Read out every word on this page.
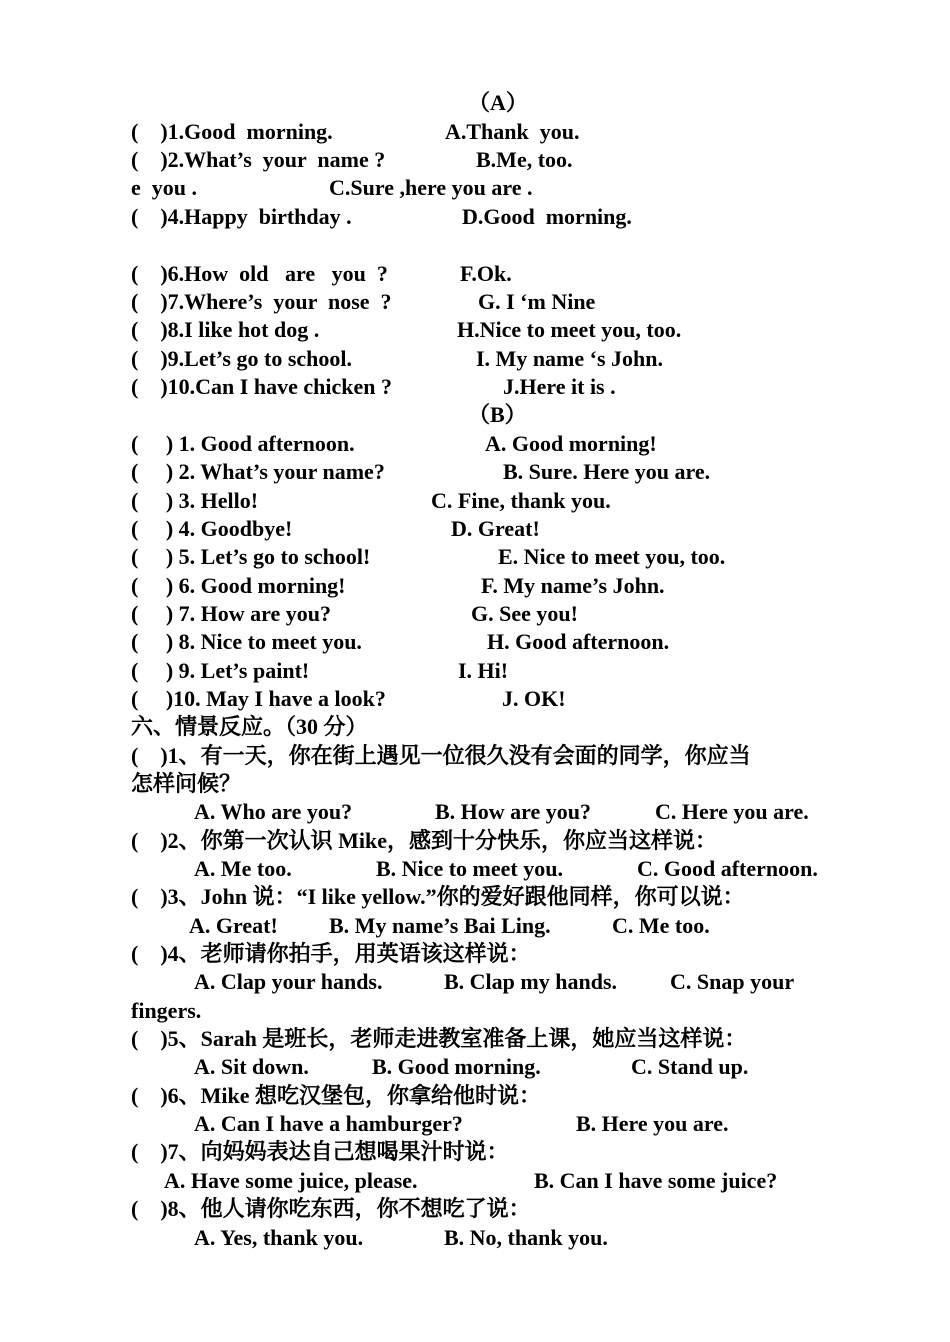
（A）

(    )1.Good  morning.

	A.Thank  you.

(    )2.What’s  your  name ?

	B.Me, too.

e  you .

	C.Sure ,here you are .

(    )4.Happy  birthday .

	D.Good  morning.

(    )6.How  old   are   you  ?

	F.Ok.

(    )7.Where’s  your  nose  ?

	G. I ‘m Nine

(    )8.I like hot dog .

	H.Nice to meet you, too.

(    )9.Let’s go to school.

	I. My name ‘s John.

(    )10.Can I have chicken ?

	J.Here it is .

（B）

(     ) 1. Good afternoon.

	A. Good morning!

(     ) 2. What’s your name?

	B. Sure. Here you are.

(     ) 3. Hello!

	C. Fine, thank you.

(     ) 4. Goodbye!

	D. Great!

(     ) 5. Let’s go to school!

	E. Nice to meet you, too.

(     ) 6. Good morning!

	F. My name’s John.

(     ) 7. How are you?

	G. See you!

(     ) 8. Nice to meet you.

	H. Good afternoon.

(     ) 9. Let’s paint!

	I. Hi!

(     )10. May I have a look?

	J. OK!

六、情景反应。（30 分）
(    )1、有一天，你在街上遇见一位很久没有会面的同学，你应当
怎样问候？

A. Who are you?

	B. How are you?

	C. Here you are.

(    )2、你第一次认识 Mike，感到十分快乐，你应当这样说：

A. Me too.

	B. Nice to meet you.

	C. Good afternoon.

(    )3、John 说：“I like yellow.”你的爱好跟他同样，你可以说：

A. Great!

B. My name’s Bai Ling.

	C. Me too.

(    )4、老师请你拍手，用英语该这样说：

A. Clap your hands.

	B. Clap my hands.

C. Snap your

fingers.
(    )5、Sarah 是班长，老师走进教室准备上课，她应当这样说：

A. Sit down.

	B. Good morning.

	C. Stand up.

(    )6、Mike 想吃汉堡包，你拿给他时说：

A. Can I have a hamburger?

	B. Here you are.

(    )7、向妈妈表达自己想喝果汁时说：

A. Have some juice, please.

	B. Can I have some juice?

(    )8、他人请你吃东西，你不想吃了说：

A. Yes, thank you.

	B. No, thank you.
